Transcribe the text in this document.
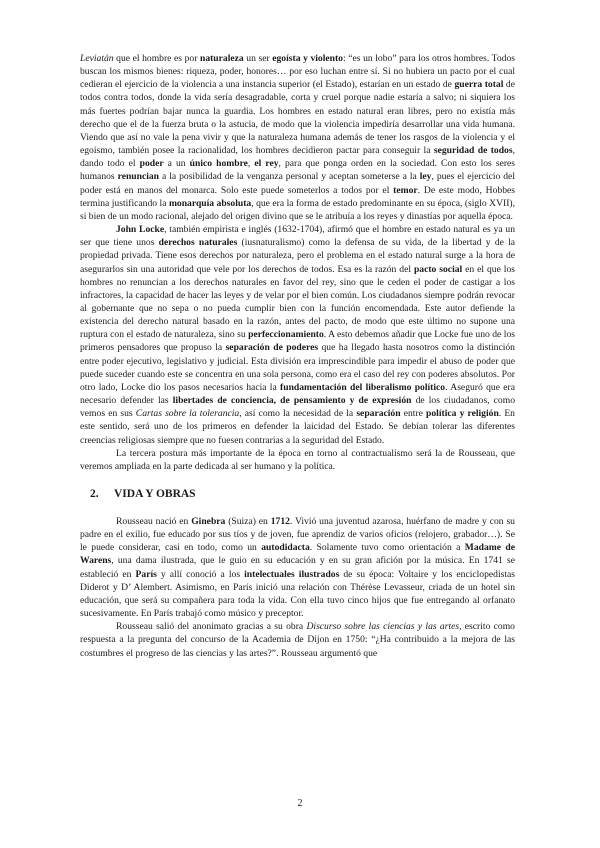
Leviatán que el hombre es por naturaleza un ser egoísta y violento: “es un lobo” para los otros hombres. Todos buscan los mismos bienes: riqueza, poder, honores… por eso luchan entre sí. Si no hubiera un pacto por el cual cedieran el ejercicio de la violencia a una instancia superior (el Estado), estarían en un estado de guerra total de todos contra todos, donde la vida sería desagradable, corta y cruel porque nadie estaría a salvo; ni siquiera los más fuertes podrían bajar nunca la guardia. Los hombres en estado natural eran libres, pero no existía más derecho que el de la fuerza bruta o la astucia, de modo que la violencia impediría desarrollar una vida humana. Viendo que así no vale la pena vivir y que la naturaleza humana además de tener los rasgos de la violencia y el egoísmo, también posee la racionalidad, los hombres decidieron pactar para conseguir la seguridad de todos, dando todo el poder a un único hombre, el rey, para que ponga orden en la sociedad. Con esto los seres humanos renuncian a la posibilidad de la venganza personal y aceptan someterse a la ley, pues el ejercicio del poder está en manos del monarca. Solo este puede someterlos a todos por el temor. De este modo, Hobbes termina justificando la monarquía absoluta, que era la forma de estado predominante en su época, (siglo XVII), si bien de un modo racional, alejado del origen divino que se le atribuía a los reyes y dinastías por aquella época.

John Locke, también empirista e inglés (1632-1704), afirmó que el hombre en estado natural es ya un ser que tiene unos derechos naturales (iusnaturalismo) como la defensa de su vida, de la libertad y de la propiedad privada. Tiene esos derechos por naturaleza, pero el problema en el estado natural surge a la hora de asegurarlos sin una autoridad que vele por los derechos de todos. Esa es la razón del pacto social en el que los hombres no renuncian a los derechos naturales en favor del rey, sino que le ceden el poder de castigar a los infractores, la capacidad de hacer las leyes y de velar por el bien común. Los ciudadanos siempre podrán revocar al gobernante que no sepa o no pueda cumplir bien con la función encomendada. Este autor defiende la existencia del derecho natural basado en la razón, antes del pacto, de modo que este último no supone una ruptura con el estado de naturaleza, sino su perfeccionamiento. A esto debemos añadir que Locke fue uno de los primeros pensadores que propuso la separación de poderes que ha llegado hasta nosotros como la distinción entre poder ejecutivo, legislativo y judicial. Esta división era imprescindible para impedir el abuso de poder que puede suceder cuando este se concentra en una sola persona, como era el caso del rey con poderes absolutos. Por otro lado, Locke dio los pasos necesarios hacia la fundamentación del liberalismo político. Aseguró que era necesario defender las libertades de conciencia, de pensamiento y de expresión de los ciudadanos, como vemos en sus Cartas sobre la tolerancia, así como la necesidad de la separación entre política y religión. En este sentido, será uno de los primeros en defender la laicidad del Estado. Se debían tolerar las diferentes creencias religiosas siempre que no fuesen contrarias a la seguridad del Estado.

La tercera postura más importante de la época en torno al contractualismo será la de Rousseau, que veremos ampliada en la parte dedicada al ser humano y la política.

2. VIDA Y OBRAS

Rousseau nació en Ginebra (Suiza) en 1712. Vivió una juventud azarosa, huérfano de madre y con su padre en el exilio, fue educado por sus tíos y de joven, fue aprendiz de varios oficios (relojero, grabador…). Se le puede considerar, casi en todo, como un autodidacta. Solamente tuvo como orientación a Madame de Warens, una dama ilustrada, que le guio en su educación y en su gran afición por la música. En 1741 se estableció en París y allí conoció a los intelectuales ilustrados de su época: Voltaire y los enciclopedistas Diderot y D’ Alembert. Asimismo, en París inició una relación con Thérèse Levasseur, criada de un hotel sin educación, que será su compañera para toda la vida. Con ella tuvo cinco hijos que fue entregando al orfanato sucesivamente. En París trabajó como músico y preceptor.

Rousseau salió del anonimato gracias a su obra Discurso sobre las ciencias y las artes, escrito como respuesta a la pregunta del concurso de la Academia de Dijon en 1750: “¿Ha contribuido a la mejora de las costumbres el progreso de las ciencias y las artes?”. Rousseau argumentó que

2
